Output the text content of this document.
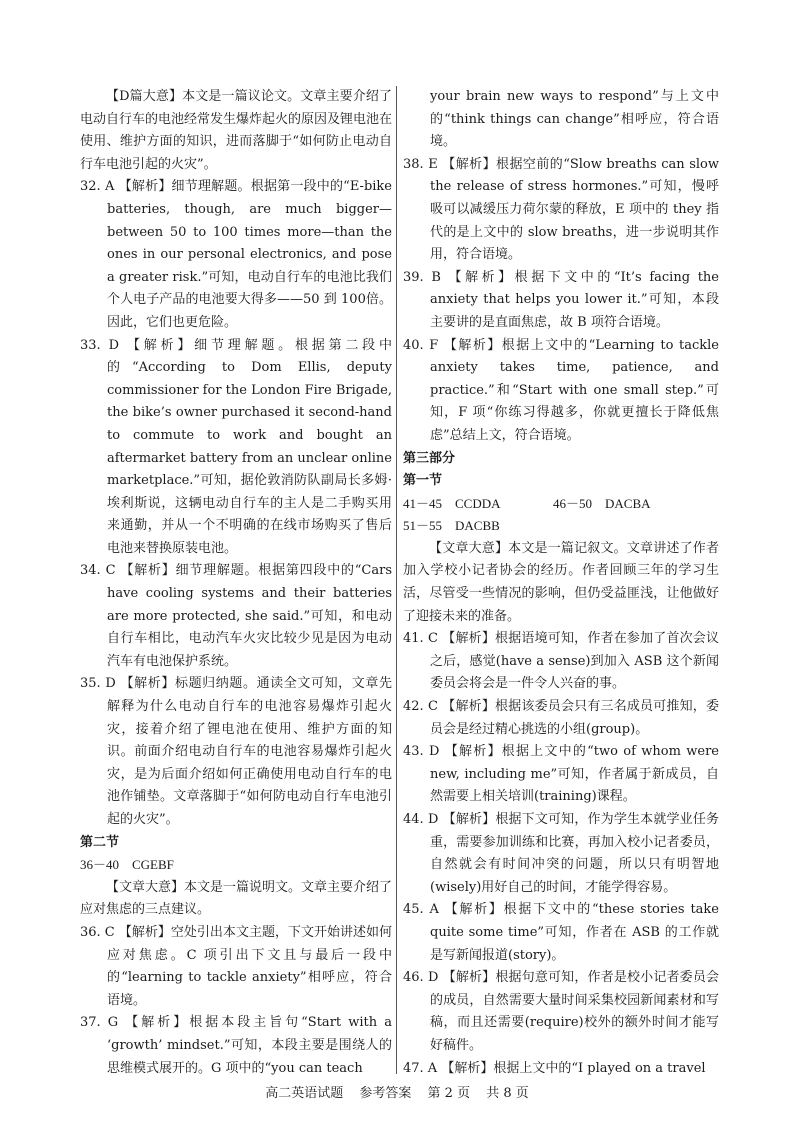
【D篇大意】本文是一篇议论文。文章主要介绍了电动自行车的电池经常发生爆炸起火的原因及锂电池在使用、维护方面的知识，进而落脚于“如何防止电动自行车电池引起的火灾”。

32. A 【解析】细节理解题。根据第一段中的“E-bike batteries, though, are much bigger—between 50 to 100 times more—than the ones in our personal electronics, and pose a greater risk.”可知，电动自行车的电池比我们个人电子产品的电池要大得多——50 到 100倍。因此，它们也更危险。

33. D 【解析】细节理解题。根据第二段中的“According to Dom Ellis, deputy commissioner for the London Fire Brigade, the bike’s owner purchased it second-hand to commute to work and bought an aftermarket battery from an unclear online marketplace.”可知，据伦敦消防队副局长多姆·埃利斯说，这辆电动自行车的主人是二手购买用来通勤，并从一个不明确的在线市场购买了售后电池来替换原装电池。

34. C 【解析】细节理解题。根据第四段中的“Cars have cooling systems and their batteries are more protected, she said.”可知，和电动自行车相比，电动汽车火灾比较少见是因为电动汽车有电池保护系统。

35. D 【解析】标题归纳题。通读全文可知，文章先解释为什么电动自行车的电池容易爆炸引起火灾，接着介绍了锂电池在使用、维护方面的知识。前面介绍电动自行车的电池容易爆炸引起火灾，是为后面介绍如何正确使用电动自行车的电池作铺垫。文章落脚于“如何防电动自行车电池引起的火灾”。

第二节

36－40　CGEBF

【文章大意】本文是一篇说明文。文章主要介绍了应对焦虑的三点建议。

36. C 【解析】空处引出本文主题，下文开始讲述如何应对焦虑。C 项引出下文且与最后一段中的“learning to tackle anxiety”相呼应，符合语境。

37. G 【解析】根据本段主旨句“Start with a ‘growth’ mindset.”可知，本段主要是围绕人的思维模式展开的。G 项中的“you can teach

your brain new ways to respond”与上文中的“think things can change”相呼应，符合语境。

38. E 【解析】根据空前的“Slow breaths can slow the release of stress hormones.”可知，慢呼吸可以减缓压力荷尔蒙的释放，E 项中的 they 指代的是上文中的 slow breaths，进一步说明其作用，符合语境。

39. B 【解析】根据下文中的“It’s facing the anxiety that helps you lower it.”可知，本段主要讲的是直面焦虑，故 B 项符合语境。

40. F 【解析】根据上文中的“Learning to tackle anxiety takes time, patience, and practice.”和“Start with one small step.”可知，F 项“你练习得越多，你就更擅长于降低焦虑”总结上文，符合语境。

第三部分

第一节

41－45　CCDDA	46－50　DACBA

51－55　DACBB

【文章大意】本文是一篇记叙文。文章讲述了作者加入学校小记者协会的经历。作者回顾三年的学习生活，尽管受一些情况的影响，但仍受益匪浅，让他做好了迎接未来的准备。

41. C 【解析】根据语境可知，作者在参加了首次会议之后，感觉(have a sense)到加入 ASB 这个新闻委员会将会是一件令人兴奋的事。

42. C 【解析】根据该委员会只有三名成员可推知，委员会是经过精心挑选的小组(group)。

43. D 【解析】根据上文中的“two of whom were new, including me”可知，作者属于新成员，自然需要上相关培训(training)课程。

44. D 【解析】根据下文可知，作为学生本就学业任务重，需要参加训练和比赛，再加入校小记者委员，自然就会有时间冲突的问题，所以只有明智地(wisely)用好自己的时间，才能学得容易。

45. A 【解析】根据下文中的“these stories take quite some time”可知，作者在 ASB 的工作就是写新闻报道(story)。

46. D 【解析】根据句意可知，作者是校小记者委员会的成员，自然需要大量时间采集校园新闻素材和写稿，而且还需要(require)校外的额外时间才能写好稿件。

47. A 【解析】根据上文中的“I played on a travel

高二英语试题 参考答案 第 2 页 共 8 页
